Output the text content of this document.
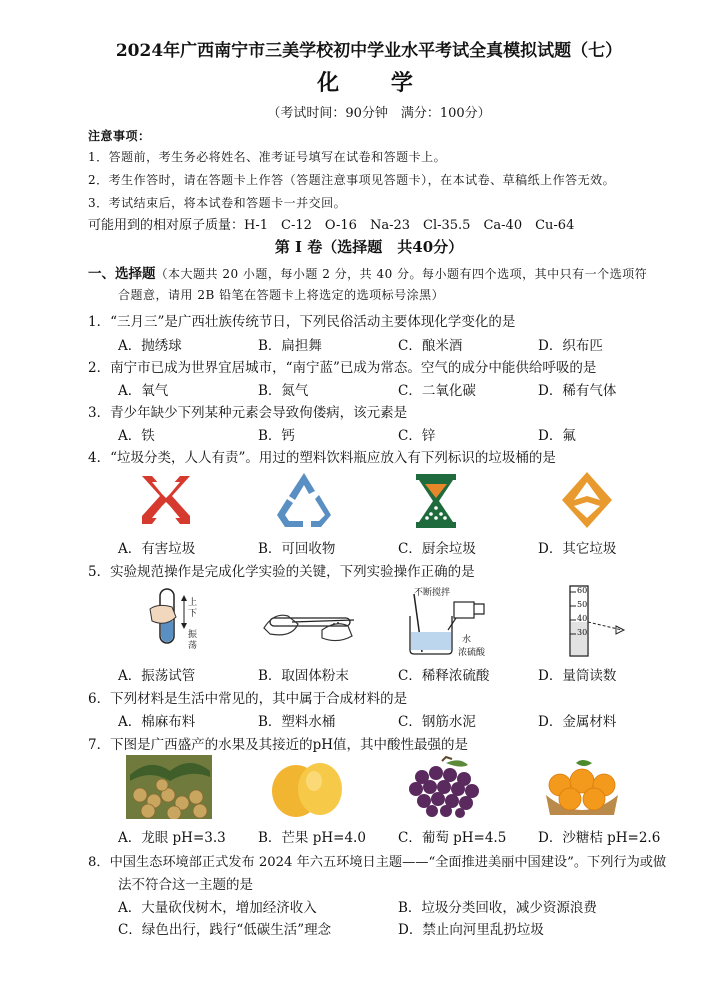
2024年广西南宁市三美学校初中学业水平考试全真模拟试题（七）
化 学
（考试时间：90分钟　满分：100分）
注意事项：
1．答题前，考生务必将姓名、准考证号填写在试卷和答题卡上。
2．考生作答时，请在答题卡上作答（答题注意事项见答题卡），在本试卷、草稿纸上作答无效。
3．考试结束后，将本试卷和答题卡一并交回。
可能用到的相对原子质量：H-1　C-12　O-16　Na-23　Cl-35.5　Ca-40　Cu-64
第 I 卷（选择题　共40分）
一、选择题（本大题共 20 小题，每小题 2 分，共 40 分。每小题有四个选项，其中只有一个选项符
合题意，请用 2B 铅笔在答题卡上将选定的选项标号涂黑）
1．“三月三”是广西壮族传统节日，下列民俗活动主要体现化学变化的是
A．抛绣球	B．扁担舞	C．酿米酒	D．织布匹
2．南宁市已成为世界宜居城市，“南宁蓝”已成为常态。空气的成分中能供给呼吸的是
A．氧气	B．氮气	C．二氧化碳	D．稀有气体
3．青少年缺少下列某种元素会导致佝偻病，该元素是
A．铁	B．钙	C．锌	D．氟
4．“垃圾分类，人人有责”。用过的塑料饮料瓶应放入有下列标识的垃圾桶的是
A．有害垃圾	B．可回收物	C．厨余垃圾	D．其它垃圾
5．实验规范操作是完成化学实验的关键，下列实验操作正确的是
上
下
振
荡
不断搅拌
水
浓硫酸
60
50
40
30
A．振荡试管	B．取固体粉末	C．稀释浓硫酸	D．量筒读数
6．下列材料是生活中常见的，其中属于合成材料的是
A．棉麻布料	B．塑料水桶	C．钢筋水泥	D．金属材料
7．下图是广西盛产的水果及其接近的pH值，其中酸性最强的是
A．龙眼 pH=3.3 B．芒果 pH=4.0 C．葡萄 pH=4.5 D．沙糖桔 pH=2.6
8．中国生态环境部正式发布 2024 年六五环境日主题——“全面推进美丽中国建设”。下列行为或做
法不符合这一主题的是
A．大量砍伐树木，增加经济收入	B．垃圾分类回收，减少资源浪费
C．绿色出行，践行“低碳生活”理念	D．禁止向河里乱扔垃圾
